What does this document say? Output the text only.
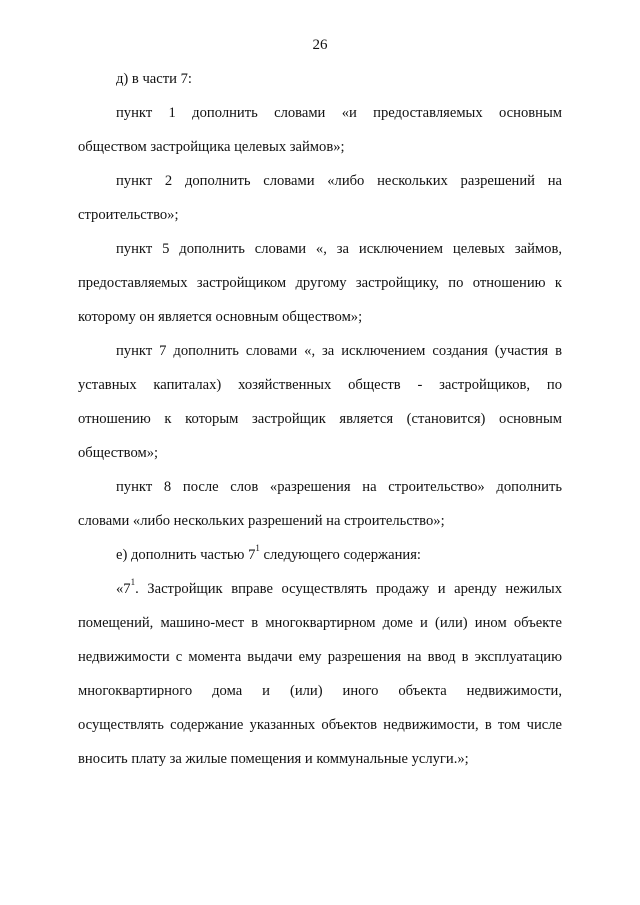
26
д) в части 7:
пункт 1 дополнить словами «и предоставляемых основным
обществом застройщика целевых займов»;
пункт 2 дополнить словами «либо нескольких разрешений на
строительство»;
пункт 5 дополнить словами «, за исключением целевых займов,
предоставляемых застройщиком другому застройщику, по отношению к
которому он является основным обществом»;
пункт 7 дополнить словами «, за исключением создания (участия в
уставных капиталах) хозяйственных обществ - застройщиков, по
отношению к которым застройщик является (становится) основным
обществом»;
пункт 8 после слов «разрешения на строительство» дополнить
словами «либо нескольких разрешений на строительство»;
е) дополнить частью $7^1$ следующего содержания:
«$7^1$. Застройщик вправе осуществлять продажу и аренду нежилых
помещений, машино-мест в многоквартирном доме и (или) ином объекте
недвижимости с момента выдачи ему разрешения на ввод в эксплуатацию
многоквартирного дома и (или) иного объекта недвижимости,
осуществлять содержание указанных объектов недвижимости, в том числе
вносить плату за жилые помещения и коммунальные услуги.»;
